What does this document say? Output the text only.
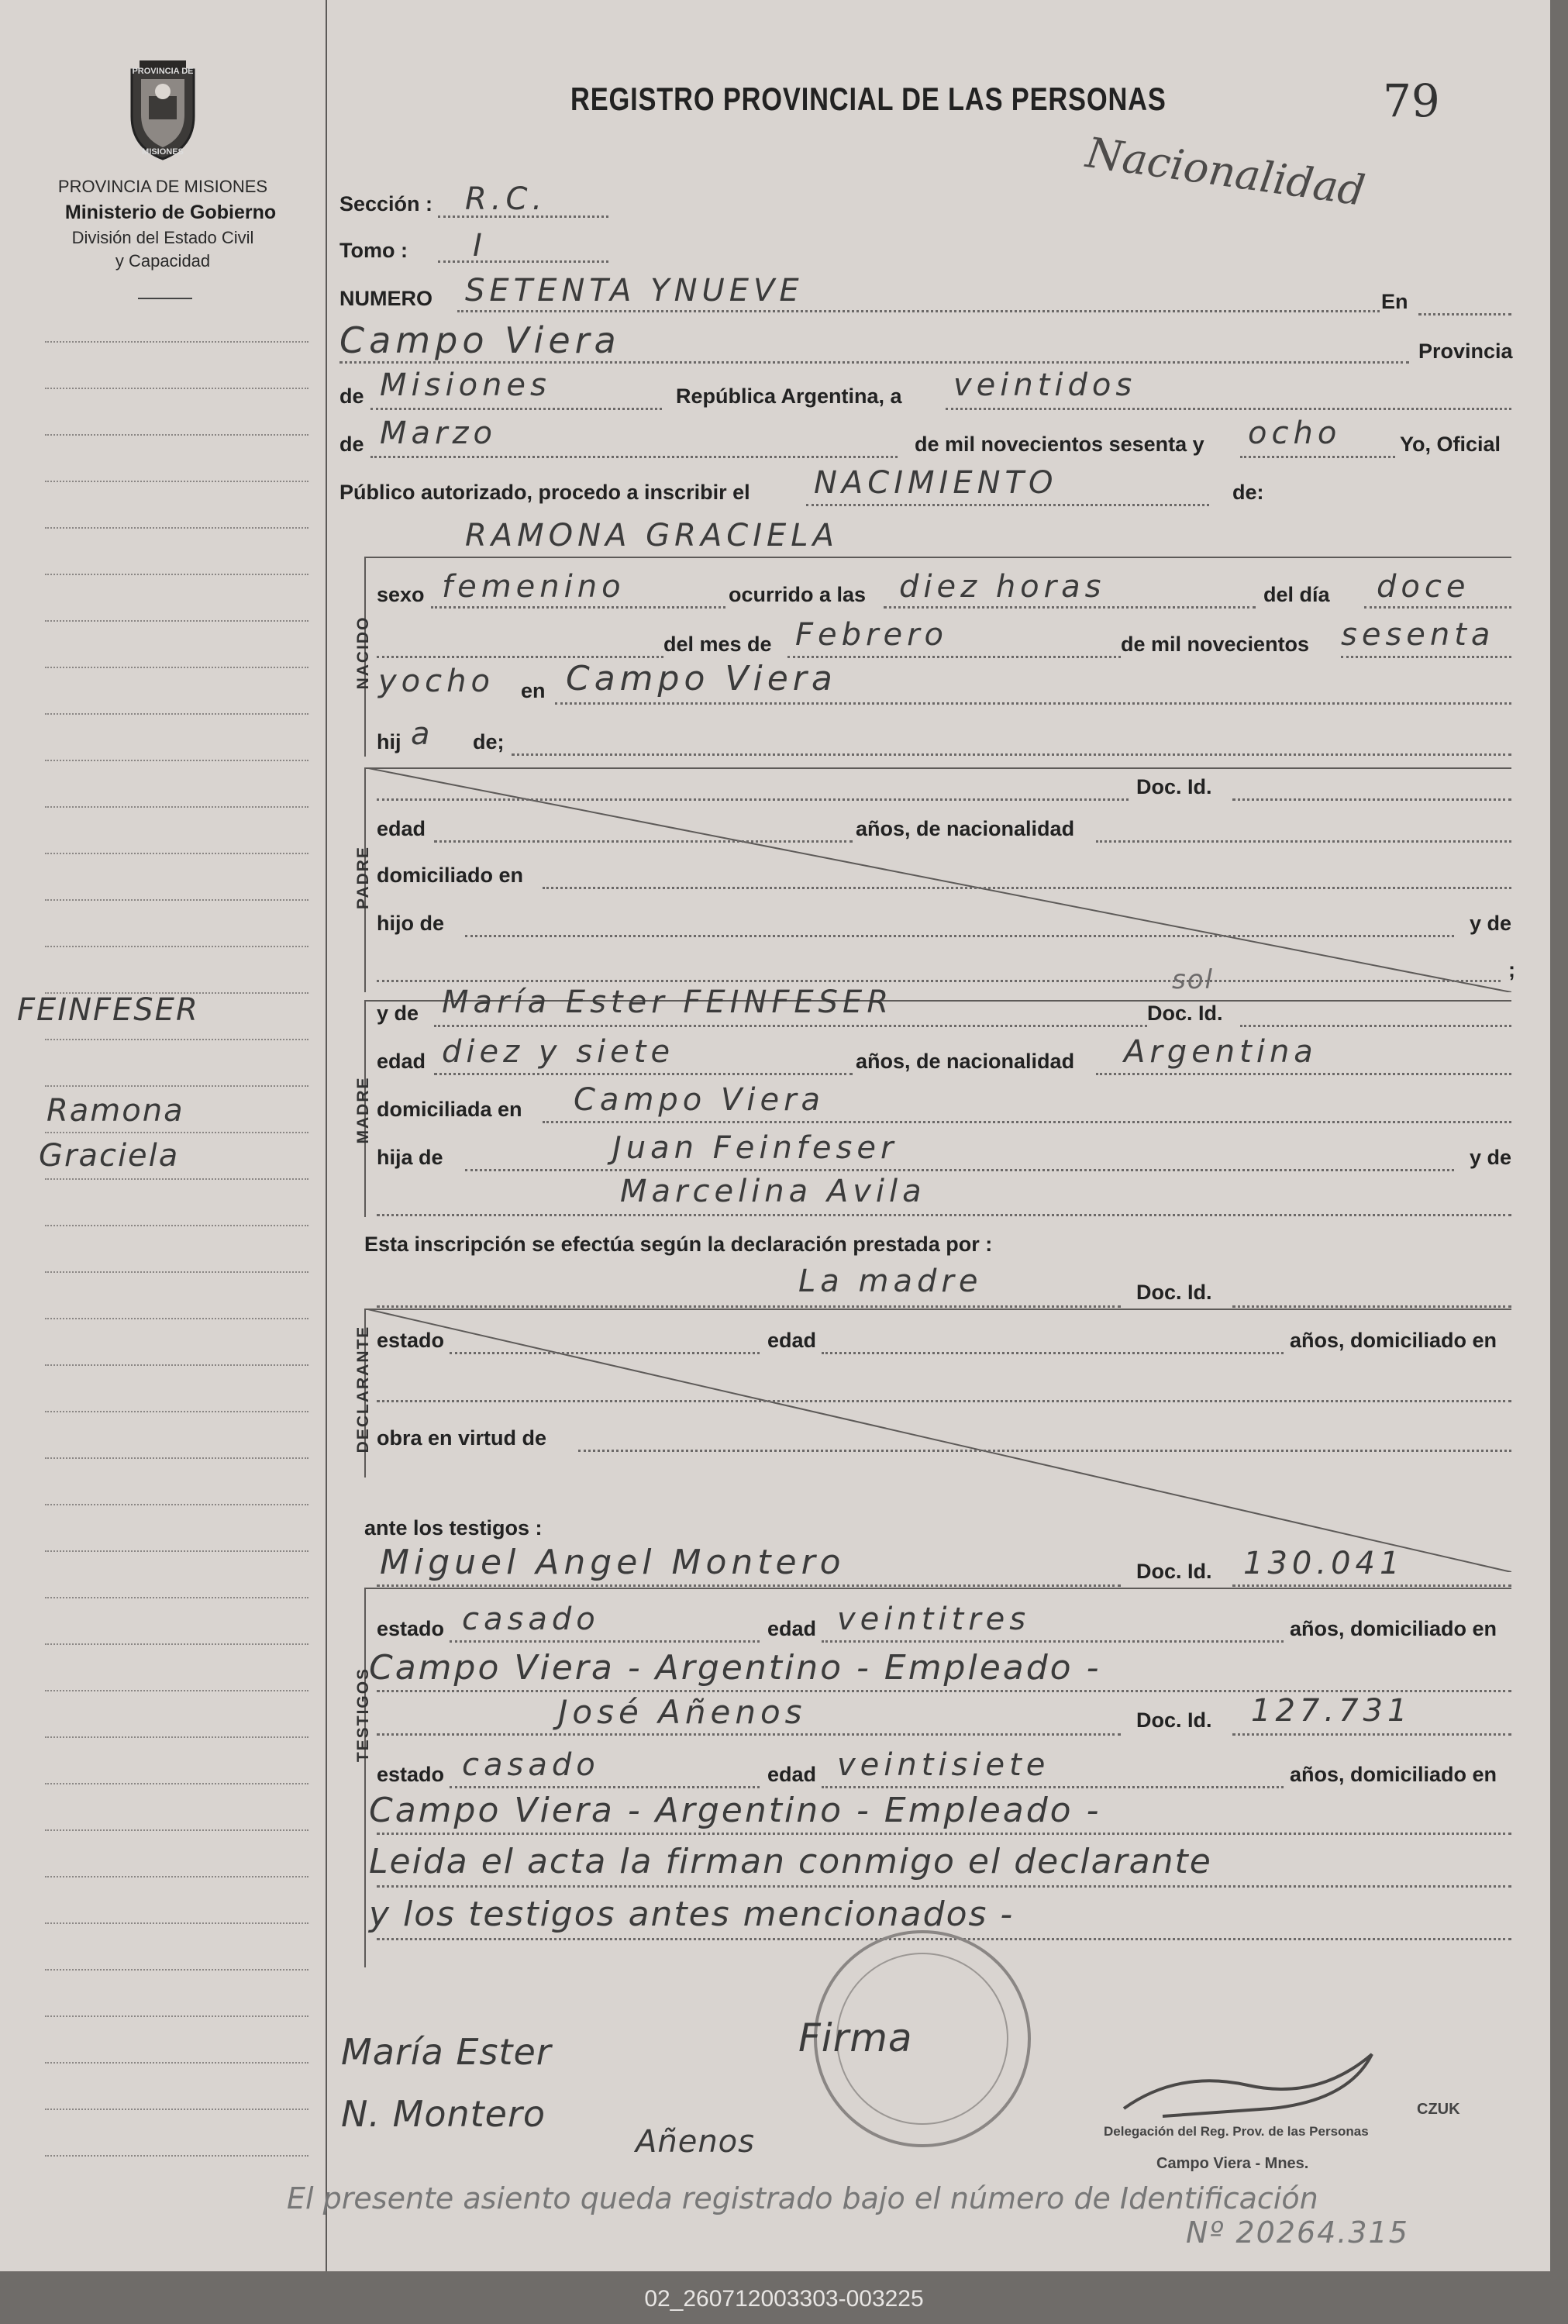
PROVINCIA DE
MISIONES
PROVINCIA DE MISIONES
Ministerio de Gobierno
División del Estado Civil
y Capacidad
FEINFESER
Ramona
Graciela
REGISTRO PROVINCIAL DE LAS PERSONAS	79
Nacionalidad
Sección : R.C.
Tomo : I
NUMERO SETENTA YNUEVE	En
Campo Viera	Provincia
de Misiones	República Argentina, a veintidos
de Marzo	de mil novecientos sesenta y ocho	Yo, Oficial
Público autorizado, procedo a inscribir el NACIMIENTO	de:
RAMONA GRACIELA
NACIDO
sexo femenino	ocurrido a las diez horas	del día doce
del mes de Febrero	de mil novecientos sesenta
yocho en Campo Viera
hij a de;
PADRE
Doc. Id.
edad	años, de nacionalidad
domiciliado en
hijo de	y de
;
MADRE
y de María Ester FEINFESER
sol
Doc. Id.
edad diez y siete	años, de nacionalidad Argentina
domiciliada en Campo Viera
hija de	Juan Feinfeser	y de
Marcelina Avila
Esta inscripción se efectúa según la declaración prestada por :
La madre	Doc. Id.
DECLARANTE estado	edad	años, domiciliado en
obra en virtud de
ante los testigos :
Miguel Angel Montero	Doc. Id. 130.041
TESTIGOS
estado casado	edad veintitres	años, domiciliado en
Campo Viera - Argentino - Empleado -
José Añenos	Doc. Id. 127.731
estado casado	edad veintisiete	años, domiciliado en
Campo Viera - Argentino - Empleado -
Leida el acta la firman conmigo el declarante
y los testigos antes mencionados -
María Ester	Firma
N. Montero
Añenos
CZUK
Delegación del Reg. Prov. de las Personas
Campo Viera - Mnes.
El presente asiento queda registrado bajo el número de Identificación
Nº 20264.315
02_260712003303-003225
